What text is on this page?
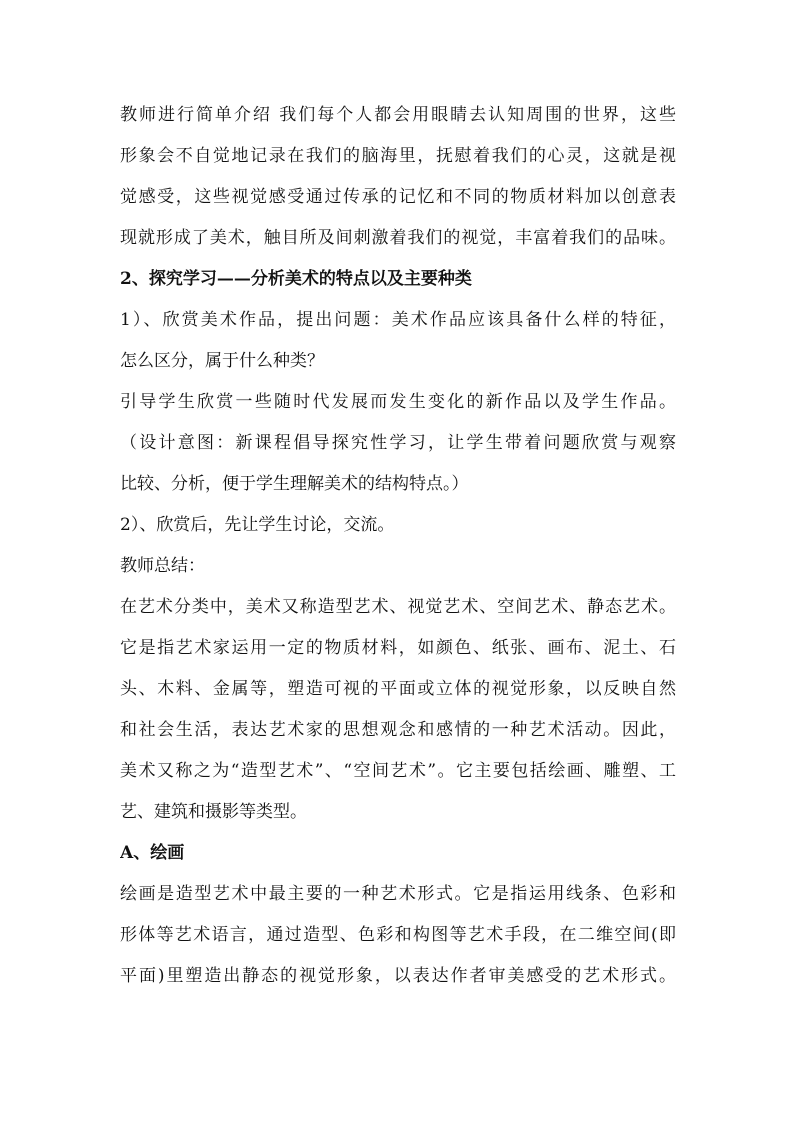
教师进行简单介绍 我们每个人都会用眼睛去认知周围的世界，这些
形象会不自觉地记录在我们的脑海里，抚慰着我们的心灵，这就是视
觉感受，这些视觉感受通过传承的记忆和不同的物质材料加以创意表
现就形成了美术，触目所及间刺激着我们的视觉，丰富着我们的品味。
2、探究学习——分析美术的特点以及主要种类
1）、欣赏美术作品，提出问题：美术作品应该具备什么样的特征，
怎么区分，属于什么种类？
引导学生欣赏一些随时代发展而发生变化的新作品以及学生作品。
（设计意图：新课程倡导探究性学习，让学生带着问题欣赏与观察
比较、分析，便于学生理解美术的结构特点。）
2）、欣赏后，先让学生讨论，交流。
教师总结：
在艺术分类中，美术又称造型艺术、视觉艺术、空间艺术、静态艺术。
它是指艺术家运用一定的物质材料，如颜色、纸张、画布、泥土、石
头、木料、金属等，塑造可视的平面或立体的视觉形象，以反映自然
和社会生活，表达艺术家的思想观念和感情的一种艺术活动。因此，
美术又称之为“造型艺术”、“空间艺术”。它主要包括绘画、雕塑、工
艺、建筑和摄影等类型。
A、绘画
绘画是造型艺术中最主要的一种艺术形式。它是指运用线条、色彩和
形体等艺术语言，通过造型、色彩和构图等艺术手段，在二维空间(即
平面)里塑造出静态的视觉形象，以表达作者审美感受的艺术形式。
